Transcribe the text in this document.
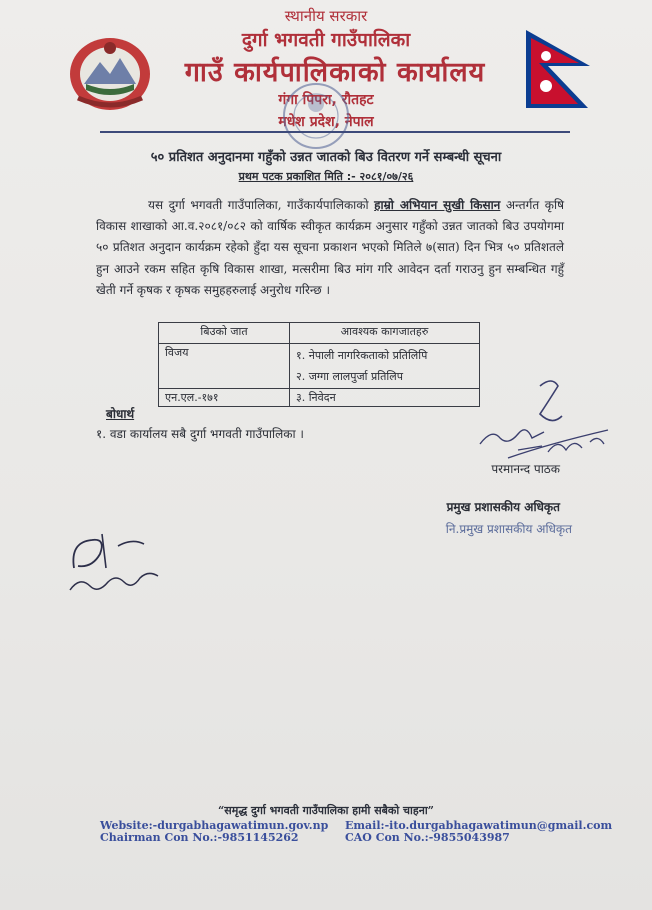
स्थानीय सरकार
दुर्गा भगवती गाउँपालिका
गाउँ कार्यपालिकाको कार्यालय
गंगा पिपरा, रौतहट
मधेश प्रदेश, नेपाल
५० प्रतिशत अनुदानमा गहुँको उन्नत जातको बिउ वितरण गर्ने सम्बन्धी सूचना
प्रथम पटक प्रकाशित मिति :- २०८१/०७/२६
यस दुर्गा भगवती गाउँपालिका, गाउँकार्यपालिकाको हाम्रो अभियान सुखी किसान अन्तर्गत कृषि विकास शाखाको आ.व.२०८१/०८२ को वार्षिक स्वीकृत कार्यक्रम अनुसार गहुँको उन्नत जातको बिउ उपयोगमा ५० प्रतिशत अनुदान कार्यक्रम रहेको हुँदा यस सूचना प्रकाशन भएको मितिले ७(सात) दिन भित्र ५० प्रतिशतले हुन आउने रकम सहित कृषि विकास शाखा, मत्सरीमा बिउ मांग गरि आवेदन दर्ता गराउनु हुन सम्बन्धित गहुँ खेती गर्ने कृषक र कृषक समुहहरुलाई अनुरोध गरिन्छ ।
बिउको जात	आवश्यक कागजातहरु
विजय	१. नेपाली नागरिकताको प्रतिलिपि
२. जग्गा लालपुर्जा प्रतिलिप

एन.एल.-१७१	३. निवेदन
बोधार्थ
१. वडा कार्यालय सबै दुर्गा भगवती गाउँपालिका ।
परमानन्द पाठक
प्रमुख प्रशासकीय अधिकृत
नि.प्रमुख प्रशासकीय अधिकृत
“समृद्ध दुर्गा भगवती गाउँपालिका हामी सबैको चाहना”
Website:-durgabhagawatimun.gov.np Email:-ito.durgabhagawatimun@gmail.com
Chairman Con No.:-9851145262	CAO Con No.:-9855043987
